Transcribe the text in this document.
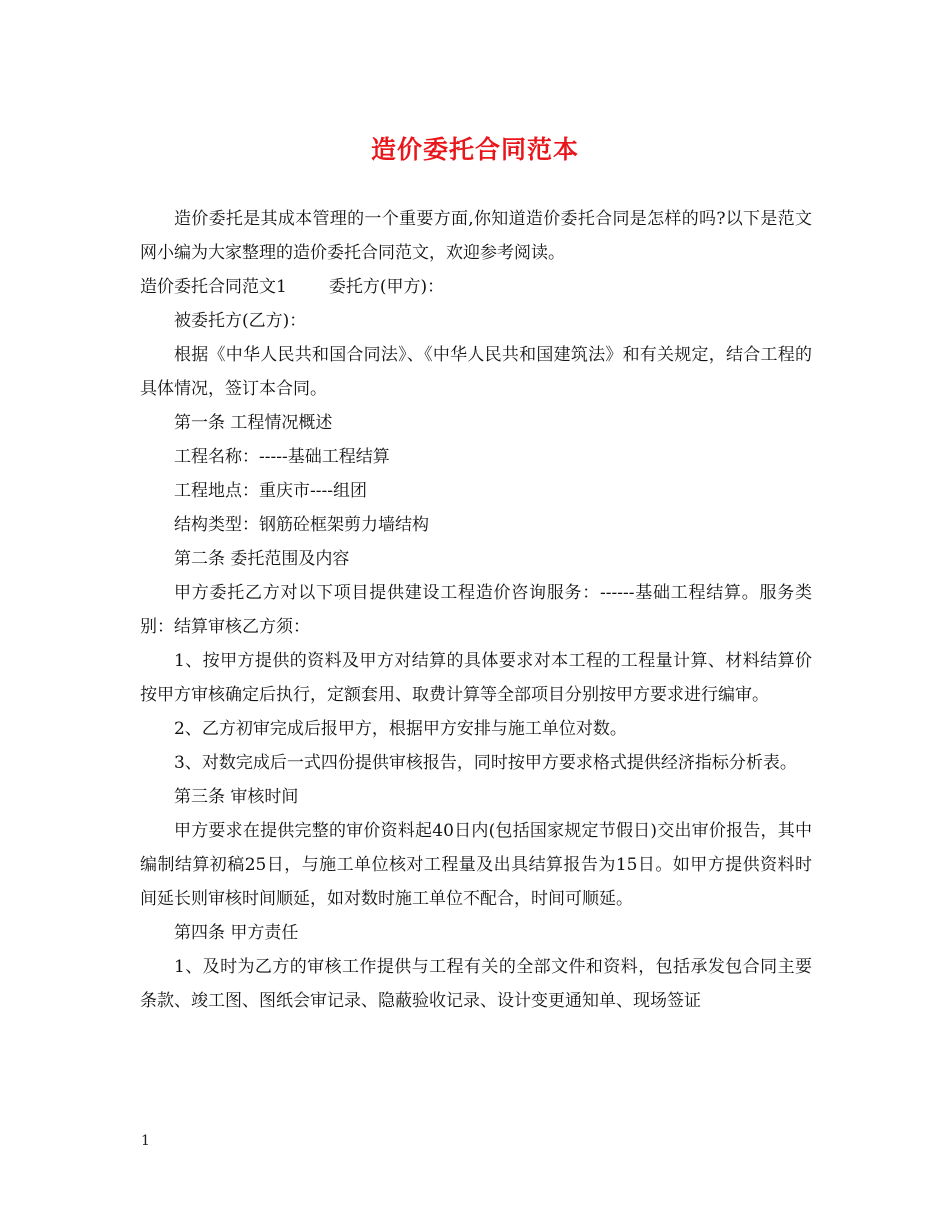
造价委托合同范本

造价委托是其成本管理的一个重要方面,你知道造价委托合同是怎样的吗?以下是范文网小编为大家整理的造价委托合同范文，欢迎参考阅读。

造价委托合同范文1 委托方(甲方)：

被委托方(乙方)：

根据《中华人民共和国合同法》、《中华人民共和国建筑法》和有关规定，结合工程的具体情况，签订本合同。

第一条 工程情况概述

工程名称：-----基础工程结算

工程地点：重庆市----组团

结构类型：钢筋砼框架剪力墙结构

第二条 委托范围及内容

甲方委托乙方对以下项目提供建设工程造价咨询服务：------基础工程结算。服务类别：结算审核乙方须：

1、按甲方提供的资料及甲方对结算的具体要求对本工程的工程量计算、材料结算价按甲方审核确定后执行，定额套用、取费计算等全部项目分别按甲方要求进行编审。

2、乙方初审完成后报甲方，根据甲方安排与施工单位对数。

3、对数完成后一式四份提供审核报告，同时按甲方要求格式提供经济指标分析表。

第三条 审核时间

甲方要求在提供完整的审价资料起40日内(包括国家规定节假日)交出审价报告，其中编制结算初稿25日，与施工单位核对工程量及出具结算报告为15日。如甲方提供资料时间延长则审核时间顺延，如对数时施工单位不配合，时间可顺延。

第四条 甲方责任

1、及时为乙方的审核工作提供与工程有关的全部文件和资料，包括承发包合同主要条款、竣工图、图纸会审记录、隐蔽验收记录、设计变更通知单、现场签证

1
